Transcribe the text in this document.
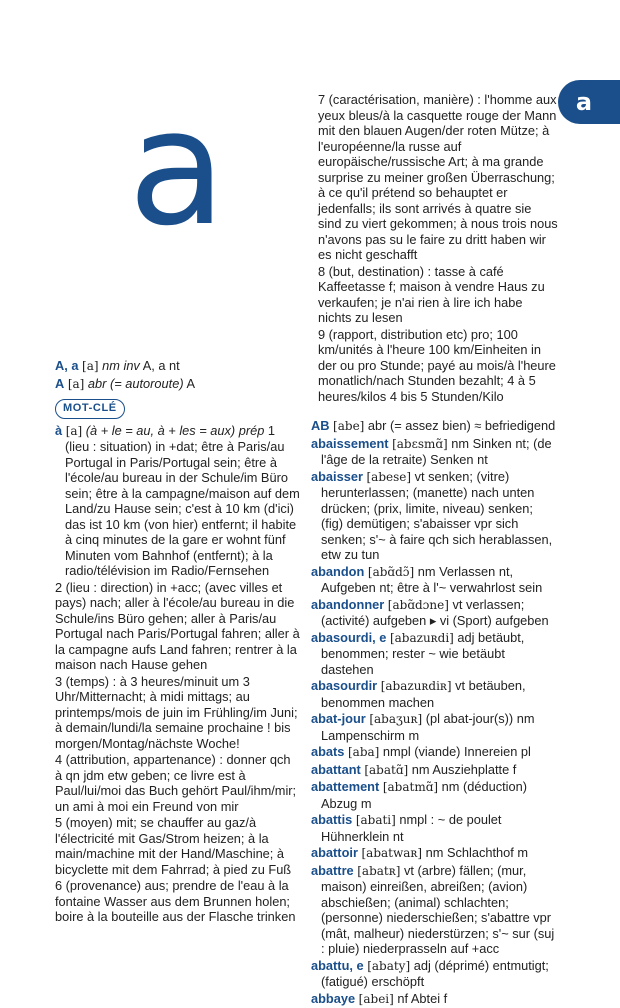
a	a

A, a [a] nm inv A, a nt

A [a] abr (= autoroute) A

MOT-CLÉ

à [a] (à + le = au, à + les = aux) prép 1 (lieu : situation) in +dat; être à Paris/au Portugal in Paris/Portugal sein; être à l'école/au bureau in der Schule/im Büro sein; être à la campagne/maison auf dem Land/zu Hause sein; c'est à 10 km (d'ici) das ist 10 km (von hier) entfernt; il habite à cinq minutes de la gare er wohnt fünf Minuten vom Bahnhof (entfernt); à la radio/télévision im Radio/Fernsehen

2 (lieu : direction) in +acc; (avec villes et pays) nach; aller à l'école/au bureau in die Schule/ins Büro gehen; aller à Paris/au Portugal nach Paris/Portugal fahren; aller à la campagne aufs Land fahren; rentrer à la maison nach Hause gehen

3 (temps) : à 3 heures/minuit um 3 Uhr/Mitternacht; à midi mittags; au printemps/mois de juin im Frühling/im Juni; à demain/lundi/la semaine prochaine ! bis morgen/Montag/nächste Woche!

4 (attribution, appartenance) : donner qch à qn jdm etw geben; ce livre est à Paul/lui/moi das Buch gehört Paul/ihm/mir; un ami à moi ein Freund von mir

5 (moyen) mit; se chauffer au gaz/à l'électricité mit Gas/Strom heizen; à la main/machine mit der Hand/Maschine; à bicyclette mit dem Fahrrad; à pied zu Fuß

6 (provenance) aus; prendre de l'eau à la fontaine Wasser aus dem Brunnen holen; boire à la bouteille aus der Flasche trinken

7 (caractérisation, manière) : l'homme aux yeux bleus/à la casquette rouge der Mann mit den blauen Augen/der roten Mütze; à l'européenne/la russe auf europäische/russische Art; à ma grande surprise zu meiner großen Überraschung; à ce qu'il prétend so behauptet er jedenfalls; ils sont arrivés à quatre sie sind zu viert gekommen; à nous trois nous n'avons pas su le faire zu dritt haben wir es nicht geschafft

8 (but, destination) : tasse à café Kaffeetasse f; maison à vendre Haus zu verkaufen; je n'ai rien à lire ich habe nichts zu lesen

9 (rapport, distribution etc) pro; 100 km/unités à l'heure 100 km/Einheiten in der ou pro Stunde; payé au mois/à l'heure monatlich/nach Stunden bezahlt; 4 à 5 heures/kilos 4 bis 5 Stunden/Kilo

AB [abe] abr (= assez bien) ≈ befriedigend

abaissement [abɛsmɑ̃] nm Sinken nt; (de l'âge de la retraite) Senken nt

abaisser [abese] vt senken; (vitre) herunterlassen; (manette) nach unten drücken; (prix, limite, niveau) senken; (fig) demütigen; s'abaisser vpr sich senken; s'~ à faire qch sich herablassen, etw zu tun

abandon [abɑ̃dɔ̃] nm Verlassen nt, Aufgeben nt; être à l'~ verwahrlost sein

abandonner [abɑ̃dɔne] vt verlassen; (activité) aufgeben ▸ vi (Sport) aufgeben

abasourdi, e [abazuʀdi] adj betäubt, benommen; rester ~ wie betäubt dastehen

abasourdir [abazuʀdiʀ] vt betäuben, benommen machen

abat-jour [abaʒuʀ] (pl abat-jour(s)) nm Lampenschirm m

abats [aba] nmpl (viande) Innereien pl

abattant [abatɑ̃] nm Ausziehplatte f

abattement [abatmɑ̃] nm (déduction) Abzug m

abattis [abati] nmpl : ~ de poulet Hühnerklein nt

abattoir [abatwaʀ] nm Schlachthof m

abattre [abatʀ] vt (arbre) fällen; (mur, maison) einreißen, abreißen; (avion) abschießen; (animal) schlachten; (personne) niederschießen; s'abattre vpr (mât, malheur) niederstürzen; s'~ sur (suj : pluie) niederprasseln auf +acc

abattu, e [abaty] adj (déprimé) entmutigt; (fatigué) erschöpft

abbaye [abei] nf Abtei f
